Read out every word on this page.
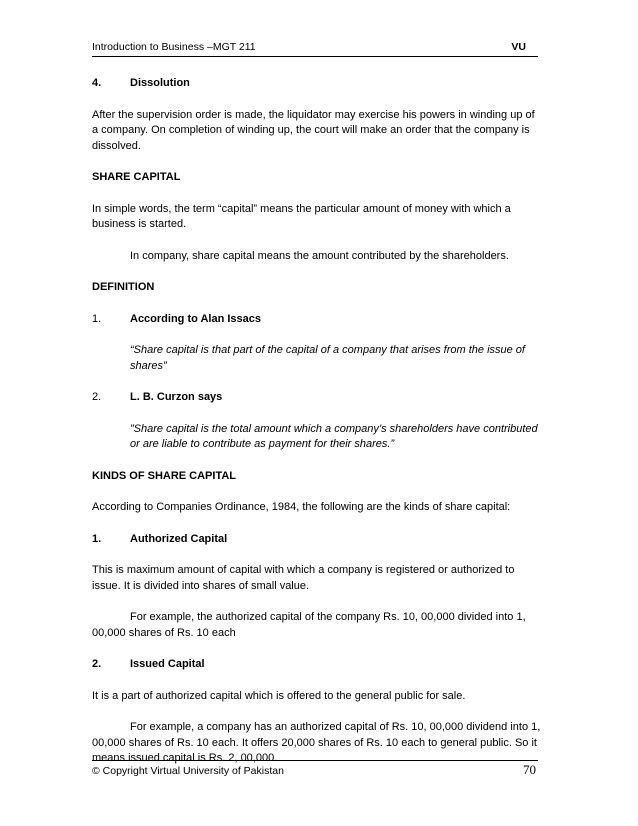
Introduction to Business –MGT 211	VU
4.	Dissolution

After the supervision order is made, the liquidator may exercise his powers in winding up of a company. On completion of winding up, the court will make an order that the company is dissolved.

SHARE CAPITAL

In simple words, the term “capital” means the particular amount of money with which a business is started.

In company, share capital means the amount contributed by the shareholders.

DEFINITION

1.	According to Alan Issacs

“Share capital is that part of the capital of a company that arises from the issue of shares”

2.	L. B. Curzon says

”Share capital is the total amount which a company’s shareholders have contributed or are liable to contribute as payment for their shares.”

KINDS OF SHARE CAPITAL

According to Companies Ordinance, 1984, the following are the kinds of share capital:

1.	Authorized Capital

This is maximum amount of capital with which a company is registered or authorized to issue. It is divided into shares of small value.

For example, the authorized capital of the company Rs. 10, 00,000 divided into 1, 00,000 shares of Rs. 10 each

2.	Issued Capital

It is a part of authorized capital which is offered to the general public for sale.

For example, a company has an authorized capital of Rs. 10, 00,000 dividend into 1, 00,000 shares of Rs. 10 each. It offers 20,000 shares of Rs. 10 each to general public. So it means issued capital is Rs. 2, 00,000.

© Copyright Virtual University of Pakistan	70
